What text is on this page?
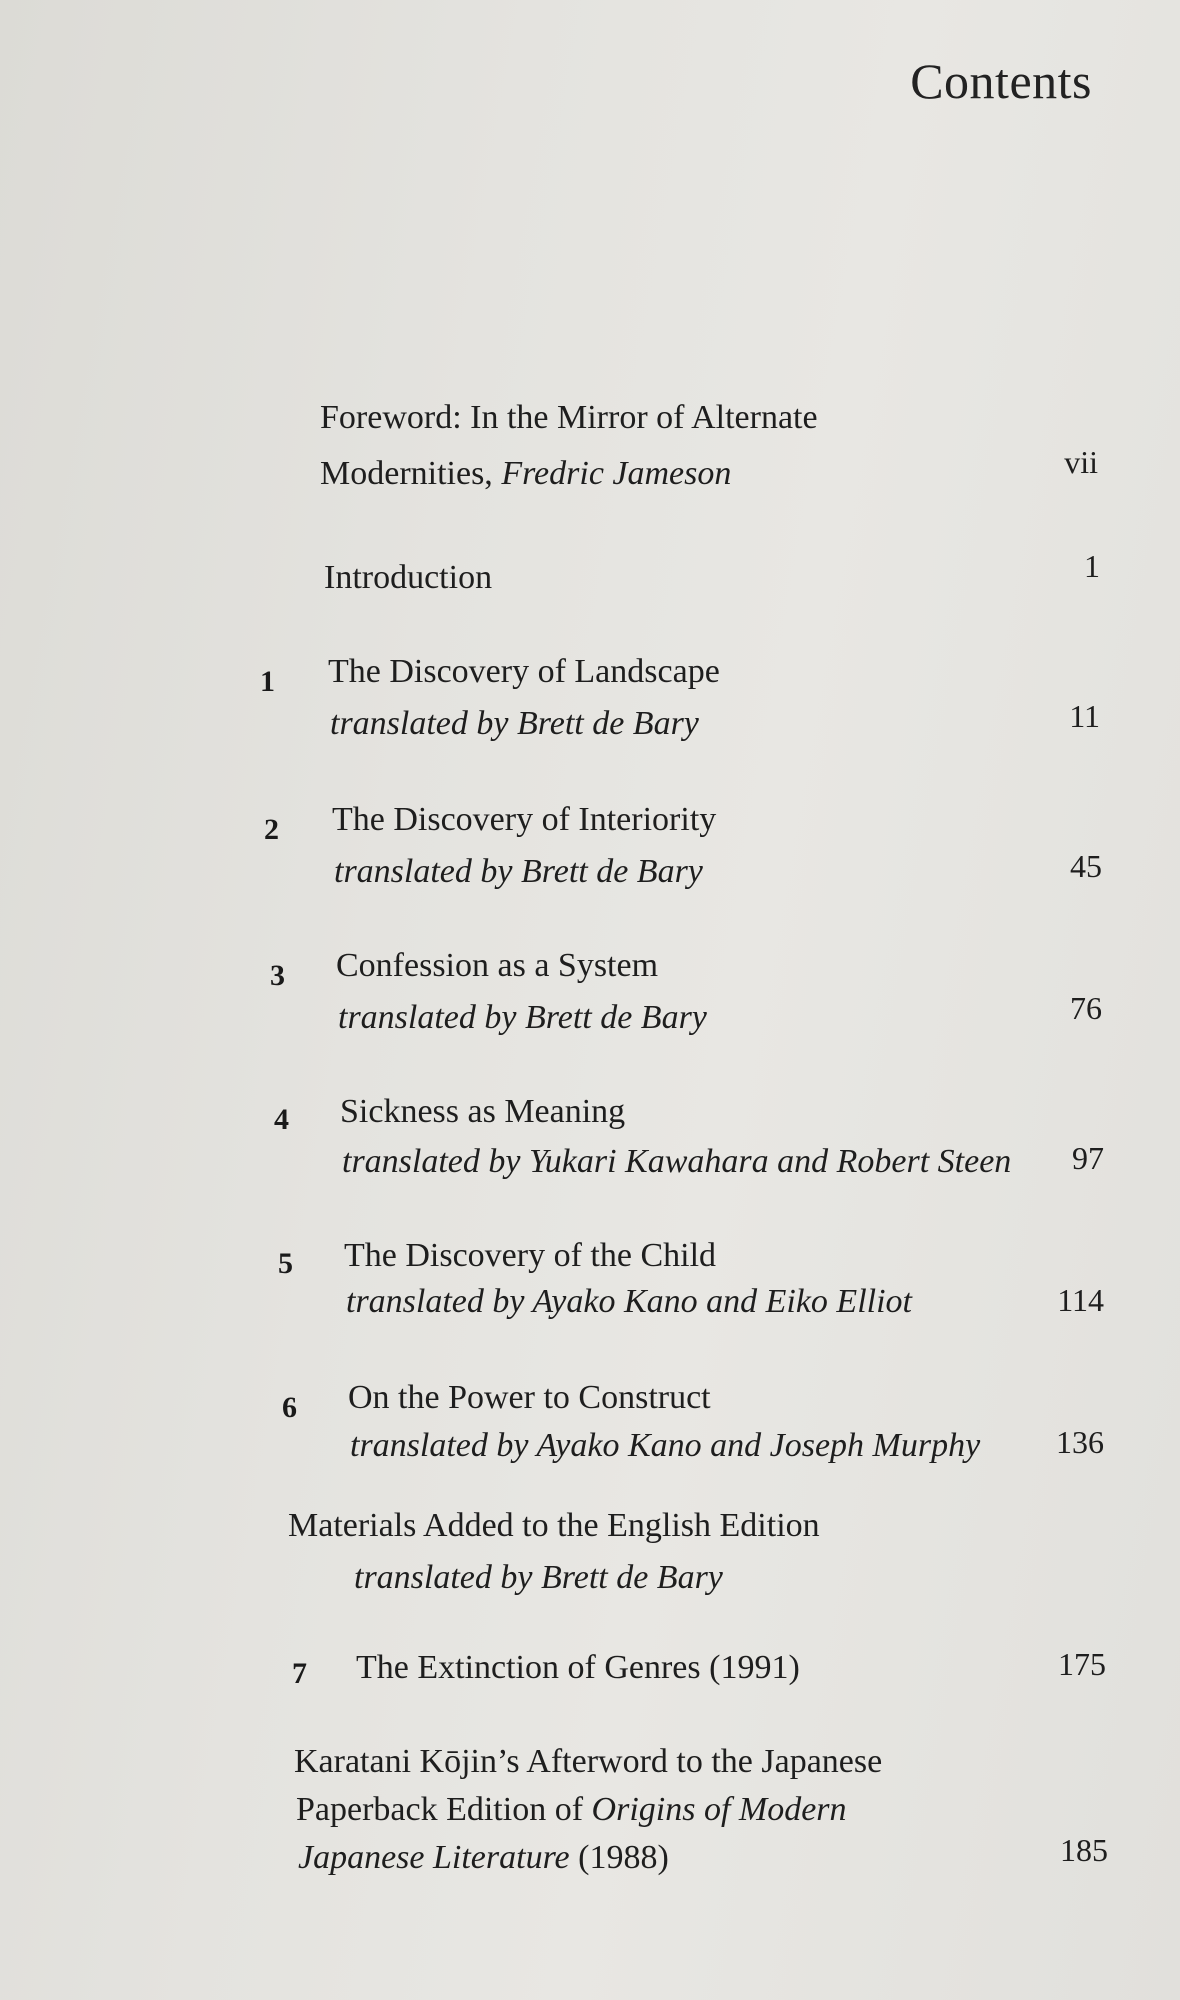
Contents
Foreword: In the Mirror of Alternate
Modernities, Fredric Jameson	vii
Introduction	1
1 The Discovery of Landscape
translated by Brett de Bary	11
2 The Discovery of Interiority
translated by Brett de Bary	45
3 Confession as a System
translated by Brett de Bary	76
4 Sickness as Meaning
translated by Yukari Kawahara and Robert Steen	97
5 The Discovery of the Child
translated by Ayako Kano and Eiko Elliot	114
6 On the Power to Construct
translated by Ayako Kano and Joseph Murphy	136
Materials Added to the English Edition
translated by Brett de Bary
7 The Extinction of Genres (1991)	175
Karatani Kōjin’s Afterword to the Japanese
Paperback Edition of Origins of Modern
Japanese Literature (1988)	185
